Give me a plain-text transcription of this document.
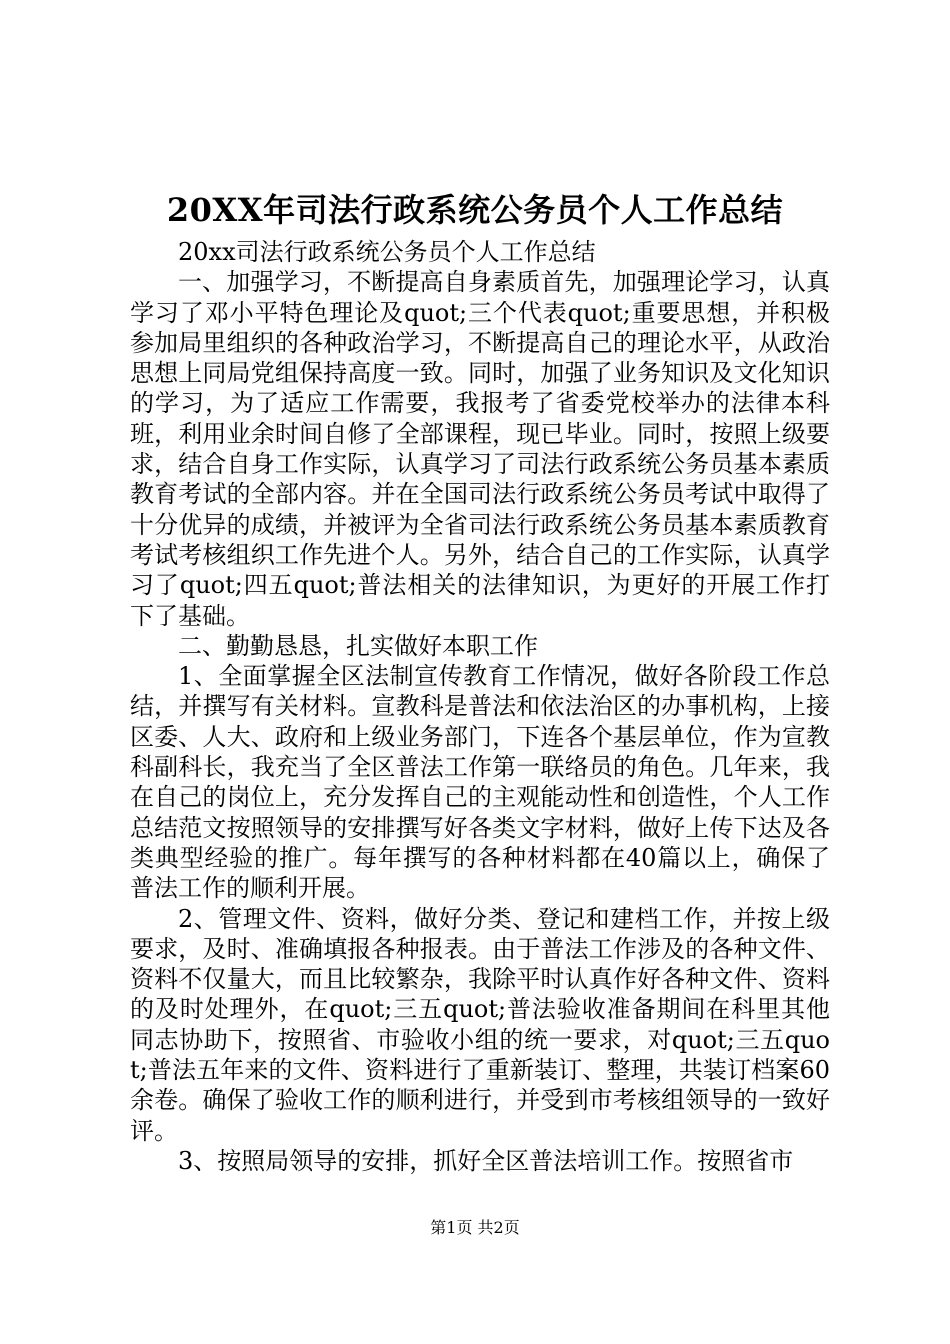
20XX年司法行政系统公务员个人工作总结

20xx司法行政系统公务员个人工作总结

一、加强学习，不断提高自身素质首先，加强理论学习，认真学习了邓小平特色理论及quot;三个代表quot;重要思想，并积极参加局里组织的各种政治学习，不断提高自己的理论水平，从政治思想上同局党组保持高度一致。同时，加强了业务知识及文化知识的学习，为了适应工作需要，我报考了省委党校举办的法律本科班，利用业余时间自修了全部课程，现已毕业。同时，按照上级要求，结合自身工作实际，认真学习了司法行政系统公务员基本素质教育考试的全部内容。并在全国司法行政系统公务员考试中取得了十分优异的成绩，并被评为全省司法行政系统公务员基本素质教育考试考核组织工作先进个人。另外，结合自己的工作实际，认真学习了quot;四五quot;普法相关的法律知识，为更好的开展工作打下了基础。

二、勤勤恳恳，扎实做好本职工作

1、全面掌握全区法制宣传教育工作情况，做好各阶段工作总结，并撰写有关材料。宣教科是普法和依法治区的办事机构，上接区委、人大、政府和上级业务部门，下连各个基层单位，作为宣教科副科长，我充当了全区普法工作第一联络员的角色。几年来，我在自己的岗位上，充分发挥自己的主观能动性和创造性，个人工作总结范文按照领导的安排撰写好各类文字材料，做好上传下达及各类典型经验的推广。每年撰写的各种材料都在40篇以上，确保了普法工作的顺利开展。

2、管理文件、资料，做好分类、登记和建档工作，并按上级要求，及时、准确填报各种报表。由于普法工作涉及的各种文件、资料不仅量大，而且比较繁杂，我除平时认真作好各种文件、资料的及时处理外，在quot;三五quot;普法验收准备期间在科里其他同志协助下，按照省、市验收小组的统一要求，对quot;三五quot;普法五年来的文件、资料进行了重新装订、整理，共装订档案60余卷。确保了验收工作的顺利进行，并受到市考核组领导的一致好评。

3、按照局领导的安排，抓好全区普法培训工作。按照省市

第1页 共2页
